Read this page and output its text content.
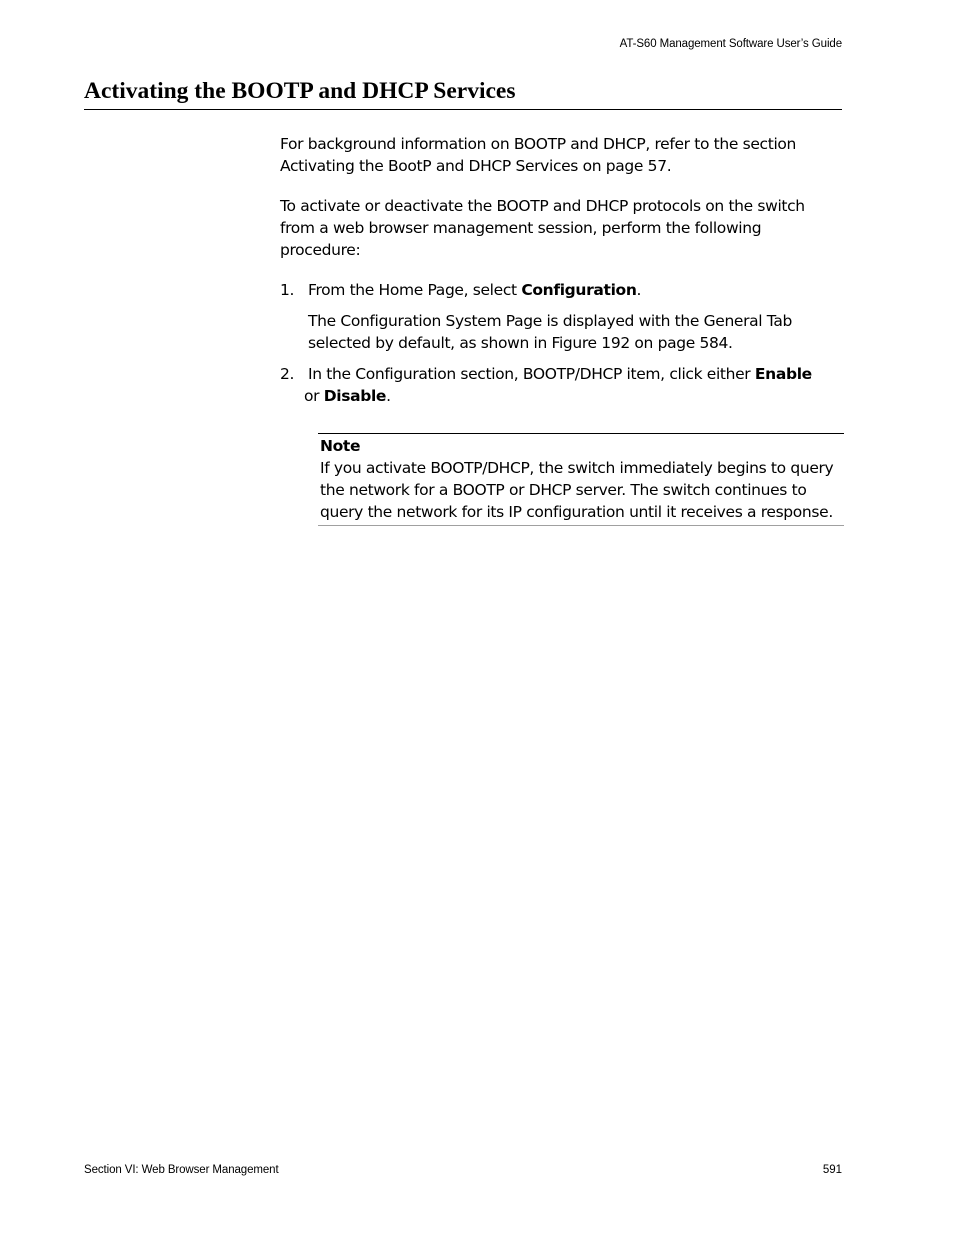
AT-S60 Management Software User’s Guide
Activating the BOOTP and DHCP Services

For background information on BOOTP and DHCP, refer to the section Activating the BootP and DHCP Services on page 57.

To activate or deactivate the BOOTP and DHCP protocols on the switch from a web browser management session, perform the following procedure:

1. From the Home Page, select Configuration.

The Configuration System Page is displayed with the General Tab selected by default, as shown in Figure 192 on page 584.

2. In the Configuration section, BOOTP/DHCP item, click either Enable
or Disable.

Note

If you activate BOOTP/DHCP, the switch immediately begins to query the network for a BOOTP or DHCP server. The switch continues to query the network for its IP configuration until it receives a response.

Section VI: Web Browser Management	591
